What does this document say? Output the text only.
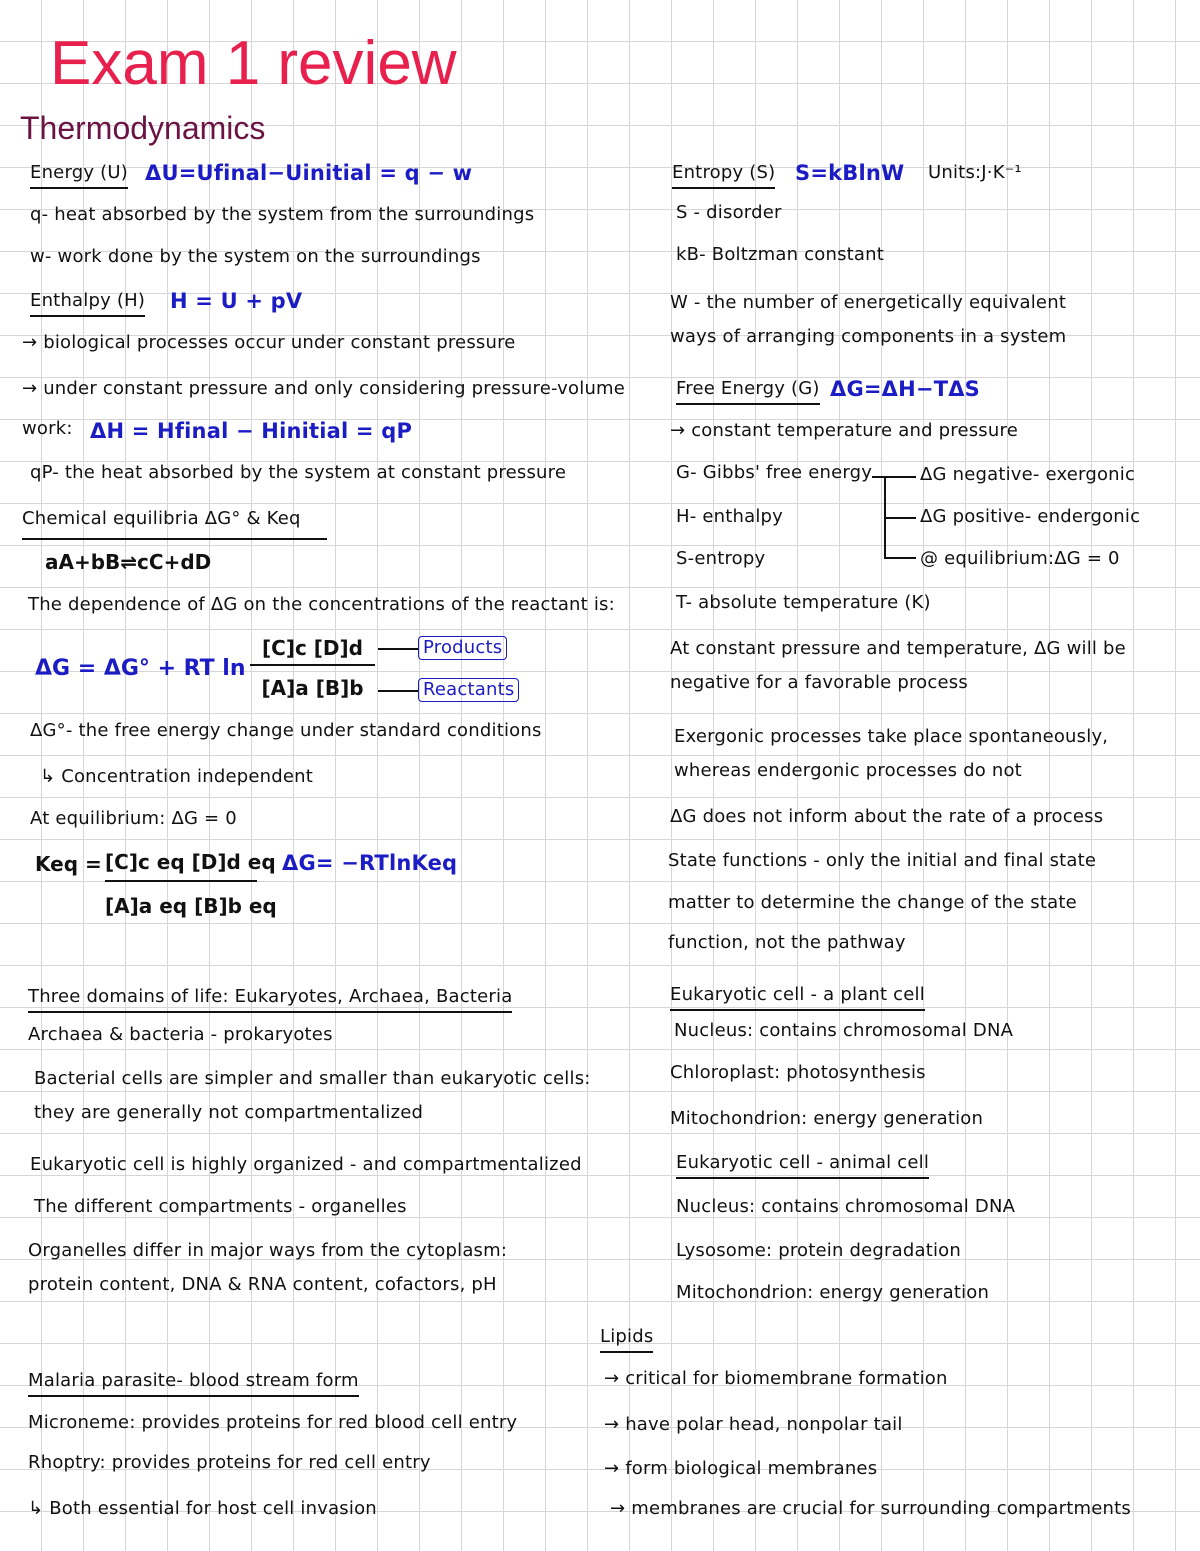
Exam 1 review
Thermodynamics
Energy (U) ΔU=Ufinal−Uinitial = q − w
q- heat absorbed by the system from the surroundings
w- work done by the system on the surroundings
Enthalpy (H) H = U + pV
→ biological processes occur under constant pressure
→ under constant pressure and only considering pressure-volume
work: ΔH = Hfinal − Hinitial = qP
qP- the heat absorbed by the system at constant pressure
Chemical equilibria ΔG° & Keq
aA+bB⇌cC+dD
The dependence of ΔG on the concentrations of the reactant is:
ΔG = ΔG° + RT ln
[C]c [D]d
[A]a [B]b
Products
Reactants
ΔG°- the free energy change under standard conditions
↳ Concentration independent
At equilibrium: ΔG = 0
Keq = [C]c eq [D]d eq
[A]a eq [B]b eq
ΔG= −RTlnKeq
Three domains of life: Eukaryotes, Archaea, Bacteria
Archaea & bacteria - prokaryotes
Bacterial cells are simpler and smaller than eukaryotic cells:
they are generally not compartmentalized
Eukaryotic cell is highly organized - and compartmentalized
The different compartments - organelles
Organelles differ in major ways from the cytoplasm:
protein content, DNA & RNA content, cofactors, pH
Malaria parasite- blood stream form
Microneme: provides proteins for red blood cell entry
Rhoptry: provides proteins for red cell entry
↳ Both essential for host cell invasion
Entropy (S) S=kBlnW Units:J·K⁻¹
S - disorder
kB- Boltzman constant
W - the number of energetically equivalent
ways of arranging components in a system
Free Energy (G) ΔG=ΔH−TΔS
→ constant temperature and pressure
G- Gibbs' free energy
H- enthalpy
S-entropy
ΔG negative- exergonic
ΔG positive- endergonic
@ equilibrium:ΔG = 0
T- absolute temperature (K)
At constant pressure and temperature, ΔG will be
negative for a favorable process
Exergonic processes take place spontaneously,
whereas endergonic processes do not
ΔG does not inform about the rate of a process
State functions - only the initial and final state
matter to determine the change of the state
function, not the pathway
Eukaryotic cell - a plant cell
Nucleus: contains chromosomal DNA
Chloroplast: photosynthesis
Mitochondrion: energy generation
Eukaryotic cell - animal cell
Nucleus: contains chromosomal DNA
Lysosome: protein degradation
Mitochondrion: energy generation
Lipids
→ critical for biomembrane formation
→ have polar head, nonpolar tail
→ form biological membranes
→ membranes are crucial for surrounding compartments
